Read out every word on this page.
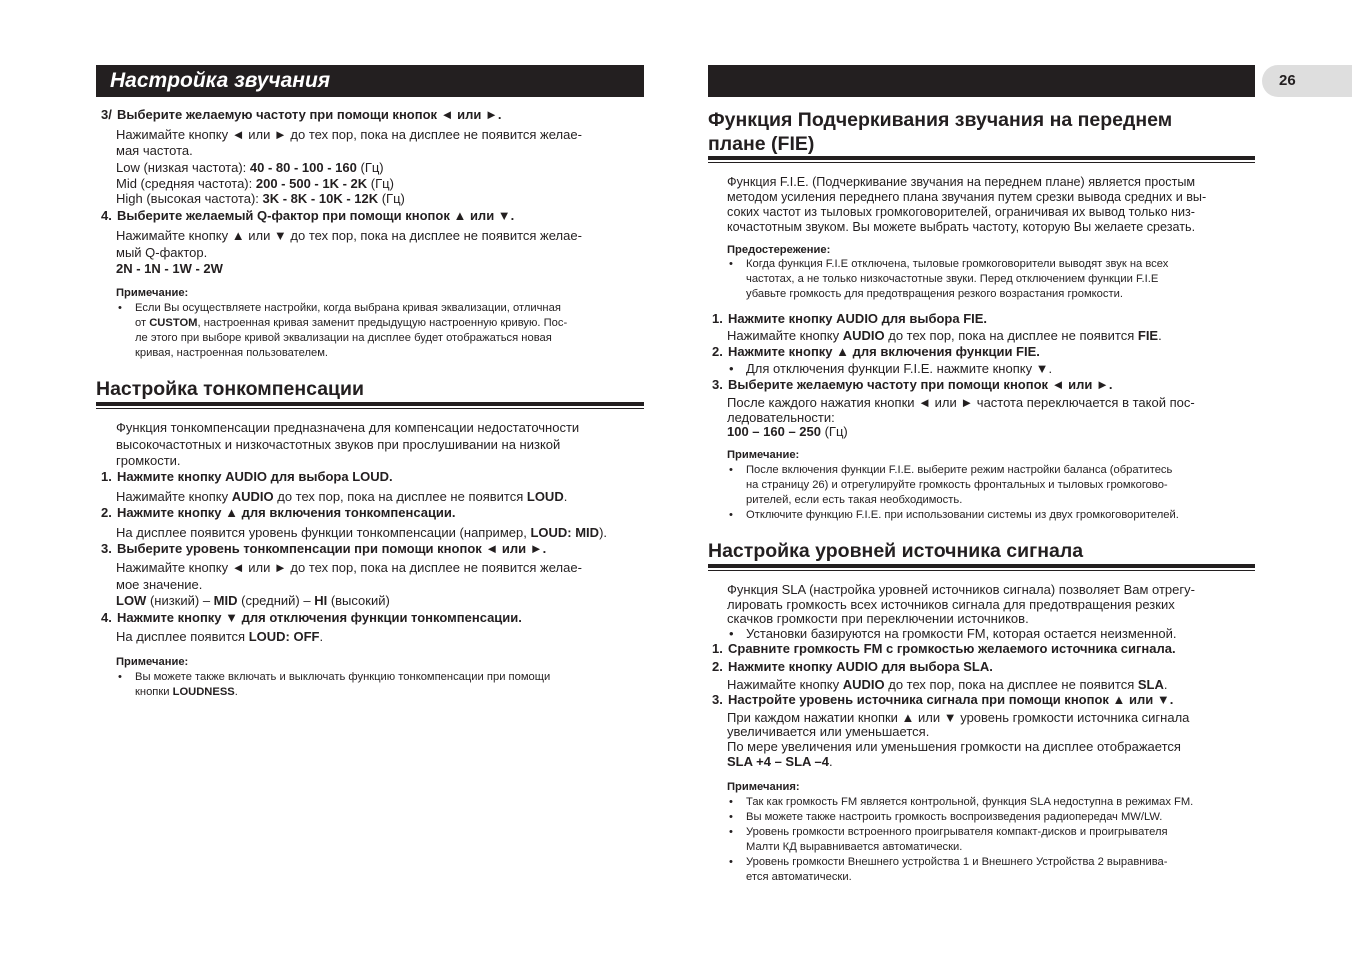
Настройка звучания	26

3/ Выберите желаемую частоту при помощи кнопок ◄ или ►.

Нажимайте кнопку ◄ или ► до тех пор, пока на дисплее не появится желае-

мая частота.

Low (низкая частота): 40 - 80 - 100 - 160 (Гц)

Mid (средняя частота): 200 - 500 - 1K - 2K (Гц)

High (высокая частота): 3K - 8K - 10K - 12K (Гц)

4. Выберите желаемый Q-фактор при помощи кнопок ▲ или ▼.

Нажимайте кнопку ▲ или ▼ до тех пор, пока на дисплее не появится желае-

мый Q-фактор.

2N - 1N - 1W - 2W

Примечание:

• Если Вы осуществляете настройки, когда выбрана кривая эквализации, отличная

от CUSTOM, настроенная кривая заменит предыдущую настроенную кривую. Пос-

ле этого при выборе кривой эквализации на дисплее будет отображаться новая

кривая, настроенная пользователем.

Настройка тонкомпенсации

Функция тонкомпенсации предназначена для компенсации недостаточности

высокочастотных и низкочастотных звуков при прослушивании на низкой

громкости.

1. Нажмите кнопку AUDIO для выбора LOUD.

Нажимайте кнопку AUDIO до тех пор, пока на дисплее не появится LOUD.

2. Нажмите кнопку ▲ для включения тонкомпенсации.

На дисплее появится уровень функции тонкомпенсации (например, LOUD: MID).

3. Выберите уровень тонкомпенсации при помощи кнопок ◄ или ►.

Нажимайте кнопку ◄ или ► до тех пор, пока на дисплее не появится желае-

мое значение.

LOW (низкий) – MID (средний) – HI (высокий)

4. Нажмите кнопку ▼ для отключения функции тонкомпенсации.

На дисплее появится LOUD: OFF.

Примечание:

• Вы можете также включать и выключать функцию тонкомпенсации при помощи

кнопки LOUDNESS.

Функция Подчеркивания звучания на переднем
плане (FIE)

Функция F.I.E. (Подчеркивание звучания на переднем плане) является простым

методом усиления переднего плана звучания путем срезки вывода средних и вы-

соких частот из тыловых громкоговорителей, ограничивая их вывод только низ-

кочастотным звуком. Вы можете выбрать частоту, которую Вы желаете срезать.

Предостережение:

• Когда функция F.I.E отключена, тыловые громкоговорители выводят звук на всех

частотах, а не только низкочастотные звуки. Перед отключением функции F.I.E

убавьте громкость для предотвращения резкого возрастания громкости.

1. Нажмите кнопку AUDIO для выбора FIE.

Нажимайте кнопку AUDIO до тех пор, пока на дисплее не появится FIE.

2. Нажмите кнопку ▲ для включения функции FIE.

• Для отключения функции F.I.E. нажмите кнопку ▼.

3. Выберите желаемую частоту при помощи кнопок ◄ или ►.

После каждого нажатия кнопки ◄ или ► частота переключается в такой пос-

ледовательности:

100 – 160 – 250 (Гц)

Примечание:

• После включения функции F.I.E. выберите режим настройки баланса (обратитесь

на страницу 26) и отрегулируйте громкость фронтальных и тыловых громкогово-

рителей, если есть такая необходимость.

• Отключите функцию F.I.E. при использовании системы из двух громкоговорителей.

Настройка уровней источника сигнала

Функция SLA (настройка уровней источников сигнала) позволяет Вам отрегу-

лировать громкость всех источников сигнала для предотвращения резких

скачков громкости при переключении источников.

• Установки базируются на громкости FM, которая остается неизменной.

1. Сравните громкость FM с громкостью желаемого источника сигнала.

2. Нажмите кнопку AUDIO для выбора SLA.

Нажимайте кнопку AUDIO до тех пор, пока на дисплее не появится SLA.

3. Настройте уровень источника сигнала при помощи кнопок ▲ или ▼.

При каждом нажатии кнопки ▲ или ▼ уровень громкости источника сигнала

увеличивается или уменьшается.

По мере увеличения или уменьшения громкости на дисплее отображается

SLA +4 – SLA –4.

Примечания:

• Так как громкость FM является контрольной, функция SLA недоступна в режимах FM.

• Вы можете также настроить громкость воспроизведения радиопередач MW/LW.

• Уровень громкости встроенного проигрывателя компакт-дисков и проигрывателя

Малти КД выравнивается автоматически.

• Уровень громкости Внешнего устройства 1 и Внешнего Устройства 2 выравнива-

ется автоматически.
